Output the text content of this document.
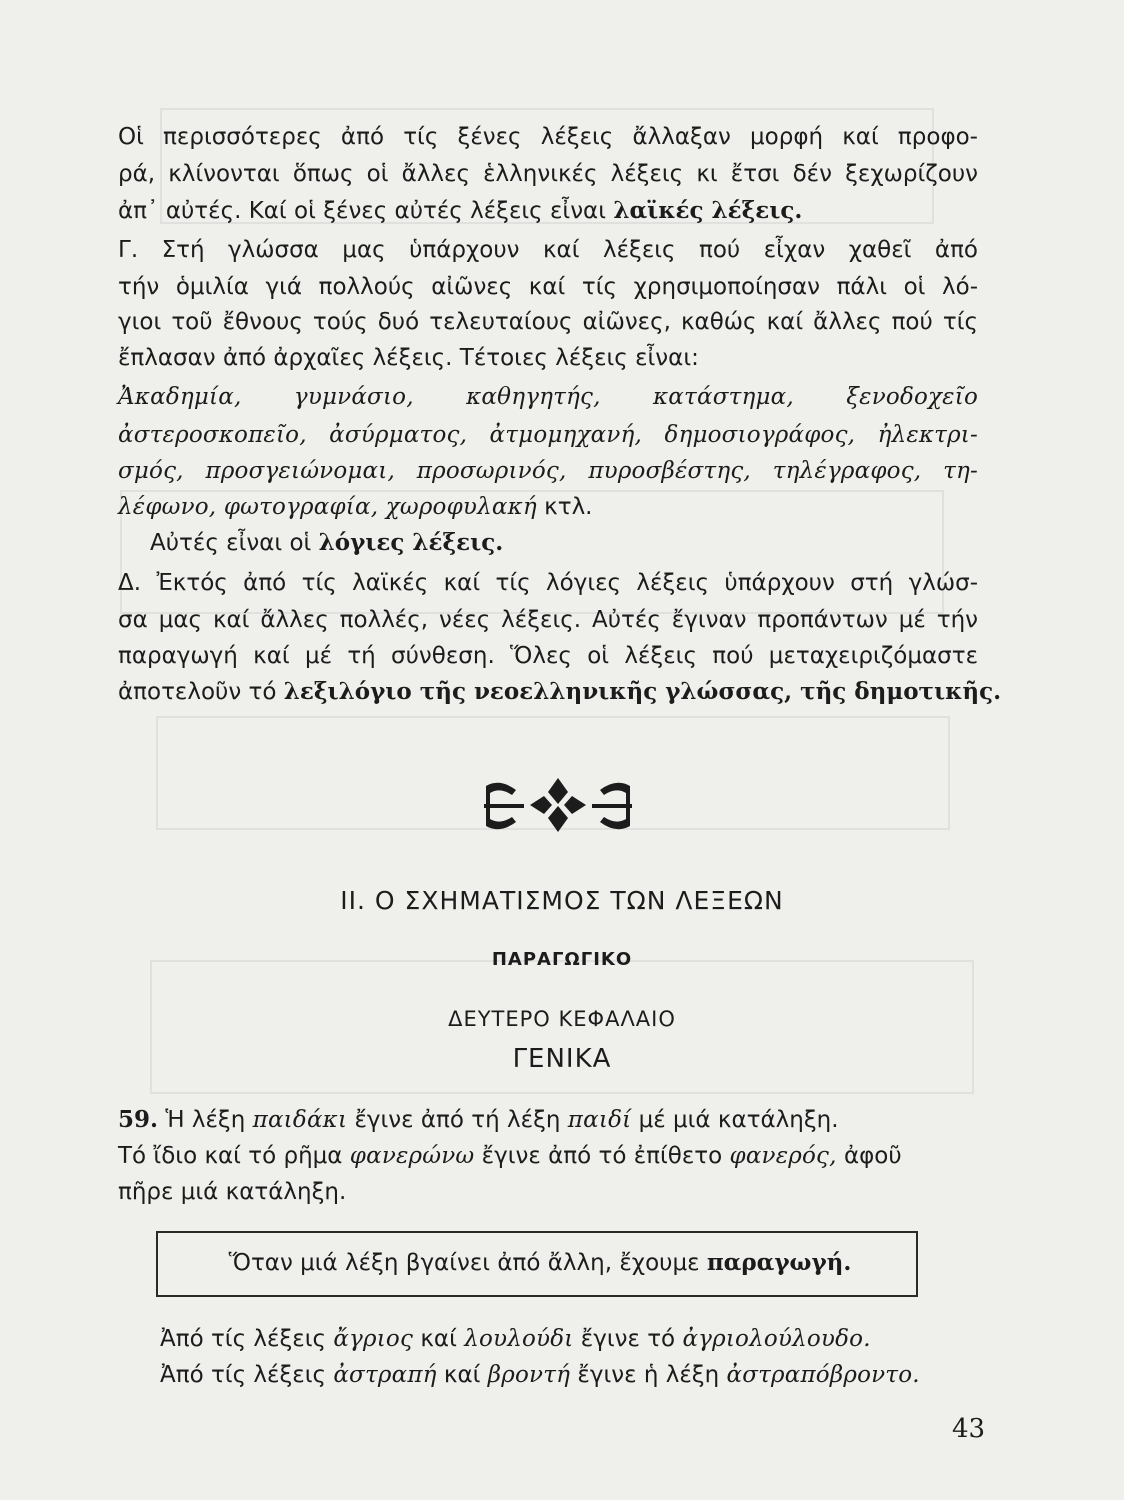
Οἱ περισσότερες ἀπό τίς ξένες λέξεις ἄλλαξαν μορφή καί προφο-

ρά, κλίνονται ὅπως οἱ ἄλλες ἑλληνικές λέξεις κι ἔτσι δέν ξεχωρίζουν

ἀπ᾿ αὐτές. Καί οἱ ξένες αὐτές λέξεις εἶναι λαϊκές λέξεις.

Γ. Στή γλώσσα μας ὑπάρχουν καί λέξεις πού εἶχαν χαθεῖ ἀπό

τήν ὁμιλία γιά πολλούς αἰῶνες καί τίς χρησιμοποίησαν πάλι οἱ λό-

γιοι τοῦ ἔθνους τούς δυό τελευταίους αἰῶνες, καθώς καί ἄλλες πού τίς

ἔπλασαν ἀπό ἀρχαῖες λέξεις. Τέτοιες λέξεις εἶναι:

Ἀκαδημία, γυμνάσιο, καθηγητής, κατάστημα, ξενοδοχεῖο

ἀστεροσκοπεῖο, ἀσύρματος, ἀτμομηχανή, δημοσιογράφος, ἠλεκτρι-

σμός, προσγειώνομαι, προσωρινός, πυροσβέστης, τηλέγραφος, τη-

λέφωνο, φωτογραφία, χωροφυλακή κτλ.

Αὐτές εἶναι οἱ λόγιες λέξεις.

Δ. Ἐκτός ἀπό τίς λαϊκές καί τίς λόγιες λέξεις ὑπάρχουν στή γλώσ-

σα μας καί ἄλλες πολλές, νέες λέξεις. Αὐτές ἔγιναν προπάντων μέ τήν

παραγωγή καί μέ τή σύνθεση. Ὅλες οἱ λέξεις πού μεταχειριζόμαστε

ἀποτελοῦν τό λεξιλόγιο τῆς νεοελληνικῆς γλώσσας, τῆς δημοτικῆς.

II. Ο ΣΧΗΜΑΤΙΣΜΟΣ ΤΩΝ ΛΕΞΕΩΝ

ΠΑΡΑΓΩΓΙΚΟ

ΔΕΥΤΕΡΟ ΚΕΦΑΛΑΙΟ

ΓΕΝΙΚΑ

59. Ἡ λέξη παιδάκι ἔγινε ἀπό τή λέξη παιδί μέ μιά κατάληξη.

Τό ἴδιο καί τό ρῆμα φανερώνω ἔγινε ἀπό τό ἐπίθετο φανερός, ἀφοῦ

πῆρε μιά κατάληξη.

Ὅταν μιά λέξη βγαίνει ἀπό ἄλλη, ἔχουμε παραγωγή.

Ἀπό τίς λέξεις ἄγριος καί λουλούδι ἔγινε τό ἀγριολούλουδο.

Ἀπό τίς λέξεις ἀστραπή καί βροντή ἔγινε ἡ λέξη ἀστραπόβροντο.

43
